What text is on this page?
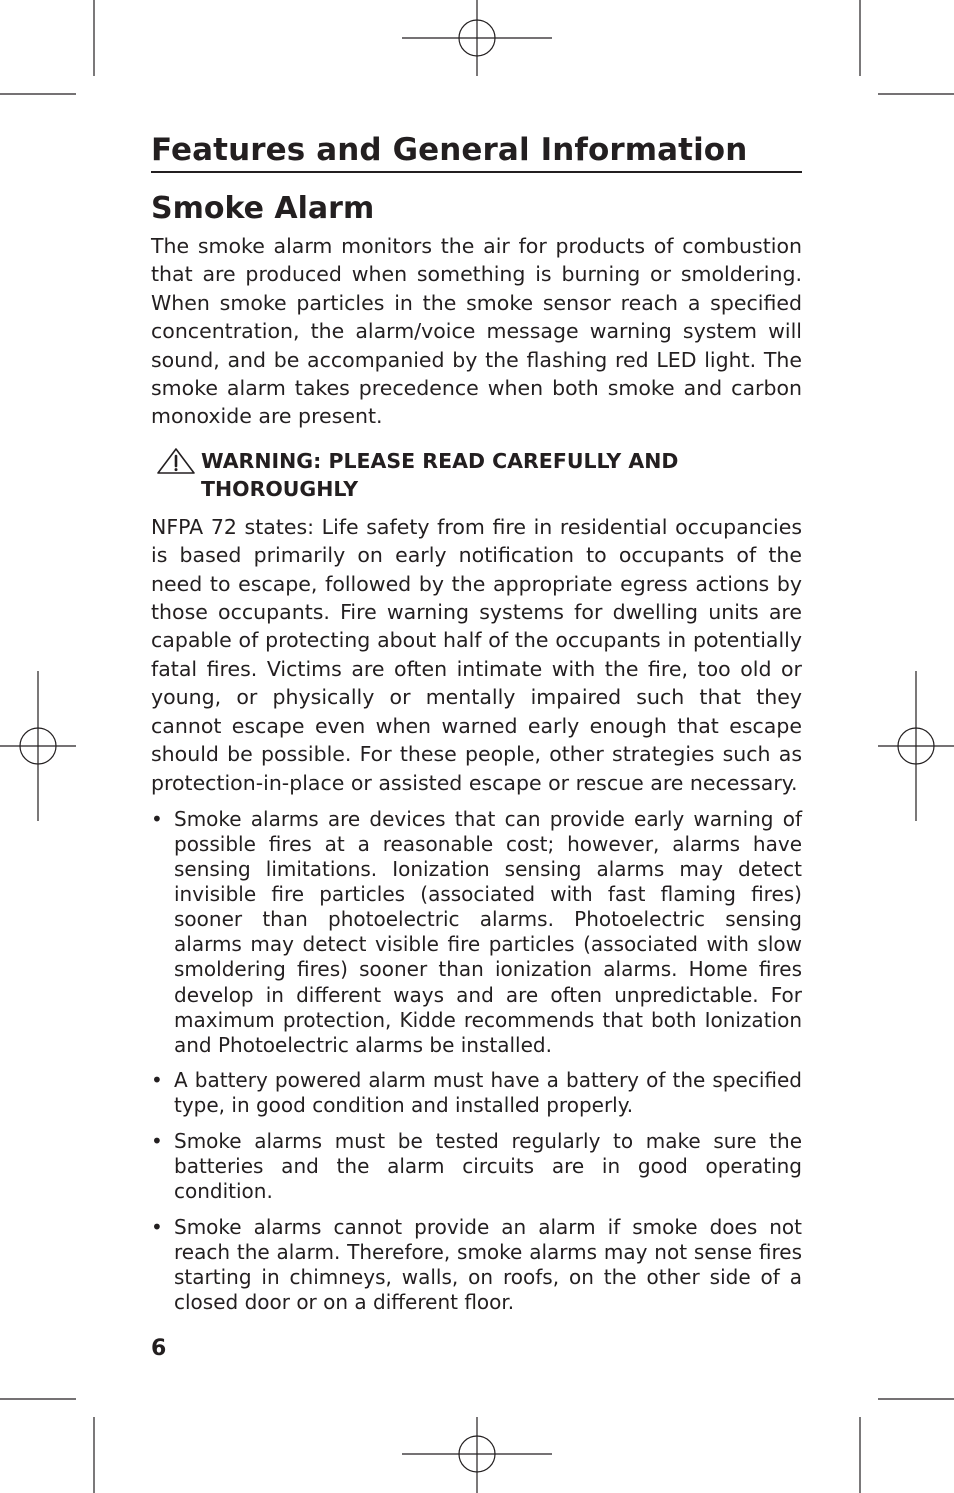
Features and General Information
Smoke Alarm

The smoke alarm monitors the air for products of combustion that are produced when something is burning or smoldering. When smoke particles in the smoke sensor reach a specified concentration, the alarm/voice message warning system will sound, and be accompanied by the flashing red LED light. The smoke alarm takes precedence when both smoke and carbon monoxide are present.

WARNING: PLEASE READ CAREFULLY AND THOROUGHLY

NFPA 72 states: Life safety from fire in residential occupancies is based primarily on early notification to occupants of the need to escape, followed by the appropriate egress actions by those occupants. Fire warning systems for dwelling units are capable of protecting about half of the occupants in potentially fatal fires. Victims are often intimate with the fire, too old or young, or physically or mentally impaired such that they cannot escape even when warned early enough that escape should be possible. For these people, other strategies such as protection-in-place or assisted escape or rescue are necessary.

• Smoke alarms are devices that can provide early warning of possible fires at a reasonable cost; however, alarms have sensing limitations. Ionization sensing alarms may detect invisible fire particles (associated with fast flaming fires) sooner than photoelectric alarms. Photoelectric sensing alarms may detect visible fire particles (associated with slow smoldering fires) sooner than ionization alarms. Home fires develop in different ways and are often unpredictable. For maximum protection, Kidde recommends that both Ionization and Photoelectric alarms be installed.
• A battery powered alarm must have a battery of the specified type, in good condition and installed properly.
• Smoke alarms must be tested regularly to make sure the batteries and the alarm circuits are in good operating condition.
• Smoke alarms cannot provide an alarm if smoke does not reach the alarm. Therefore, smoke alarms may not sense fires starting in chimneys, walls, on roofs, on the other side of a closed door or on a different floor.
6
